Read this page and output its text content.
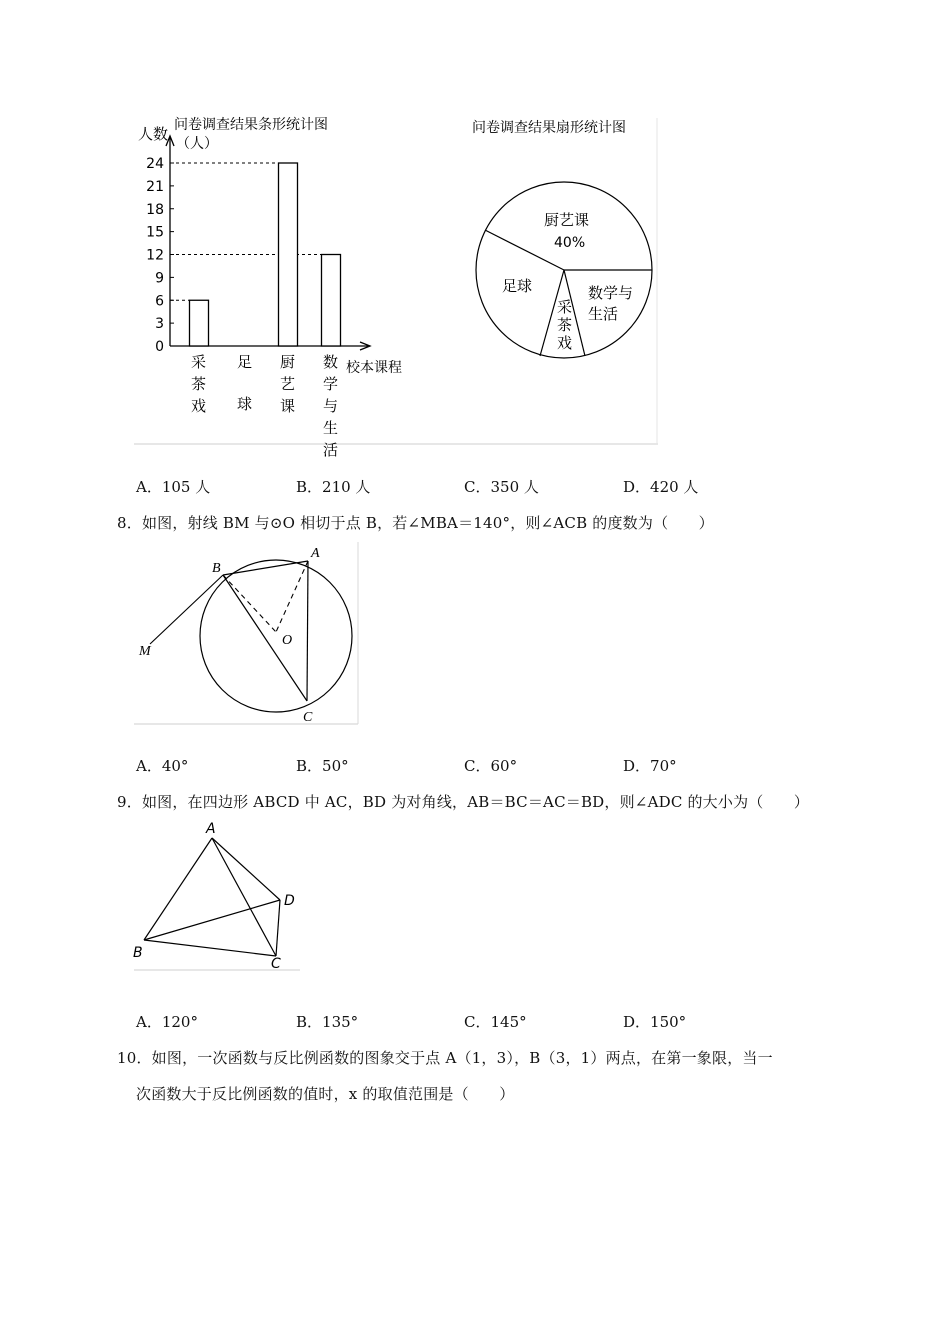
问卷调查结果条形统计图
人数
（人）
校本课程
0
3
6
9
12
15
18
21
24
采
茶
戏
足
球
厨
艺
课
数
学
与
生
活
问卷调查结果扇形统计图
厨艺课
40%
足球
采
茶
戏
数学与
生活
A．105 人	B．210 人	C．350 人	D．420 人
8．如图，射线 BM 与⊙O 相切于点 B，若∠MBA＝140°，则∠ACB 的度数为（　　）
A
B
C
O
M
A．40°	B．50°	C．60°	D．70°
9．如图，在四边形 ABCD 中 AC，BD 为对角线，AB＝BC＝AC＝BD，则∠ADC 的大小为（　　）
A
B
C
D
A．120°	B．135°	C．145°	D．150°
10．如图，一次函数与反比例函数的图象交于点 A（1，3），B（3，1）两点，在第一象限，当一
次函数大于反比例函数的值时，x 的取值范围是（　　）
